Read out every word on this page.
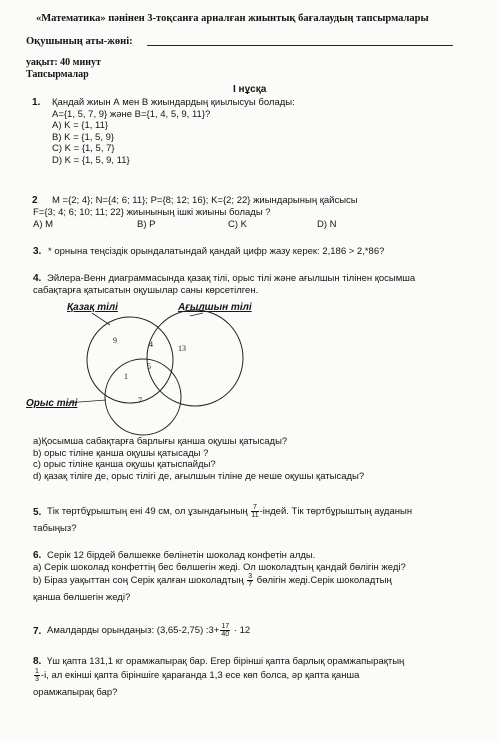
«Математика» пәнінен 3-тоқсанға арналған жиынтық бағалаудың тапсырмалары
Оқушының аты-жөні:
уақыт: 40 минут
Тапсырмалар
І нұсқа
1. Қандай жиын А мен В жиындардың қиылысуы болады:
A={1, 5, 7, 9} және B={1, 4, 5, 9, 11}?
A) K = {1, 11}
B) K = {1, 5, 9}
C) K = {1, 5, 7}
D) K = {1, 5, 9, 11}
2 M ={2; 4}; N={4; 6; 11}; P={8; 12; 16}; K={2; 22} жиындарының қайсысы
F={3; 4; 6; 10; 11; 22} жиынының ішкі жиыны болады ?
A) M	B) P	C) K	D) N
3. * орнына теңсіздік орындалатындай қандай цифр жазу керек: 2,186 > 2,*86?
4. Эйлера-Венн диаграммасында қазақ тілі, орыс тілі және ағылшын тілінен қосымша
сабақтарға қатысатын оқушылар саны көрсетілген.
Қазақ тілі	Ағылшын тілі
Орыс тілі
9	4	13
5
1
7
а)Қосымша сабақтарға барлығы қанша оқушы қатысады?
b) орыс тіліне қанша оқушы қатысады ?
c) орыс тіліне қанша оқушы қатыспайды?
d) қазақ тіліге де, орыс тілігі де, ағылшын тіліне де неше оқушы қатысады?
5. Тік төртбұрыштың ені 49 см, ол ұзындағының $\frac{7}{11}$ -індей. Тік төртбұрыштың ауданын
табыңыз?
6. Серік 12 бірдей бөлшекке бөлінетін шоколад конфетін алды.
а) Серік шоколад конфеттің бес бөлшегін жеді. Ол шоколадтың қандай бөлігін жеді?
b) Біраз уақыттан соң Серік қалған шоколадтың $\frac{3}{7}$ бөлігін жеді.Серік шоколадтың
қанша бөлшегін жеді?
7. Амалдарды орындаңыз: (3,65-2,75) :3+ $\frac{17}{40} \cdot 12$
8. Үш қапта 131,1 кг орамжапырақ бар. Егер бірінші қапта барлық орамжапырақтың
$\frac{1}{3} -і$, ал екінші қапта біріншіге қарағанда 1,3 есе көп болса, әр қапта қанша
орамжапырақ бар?
